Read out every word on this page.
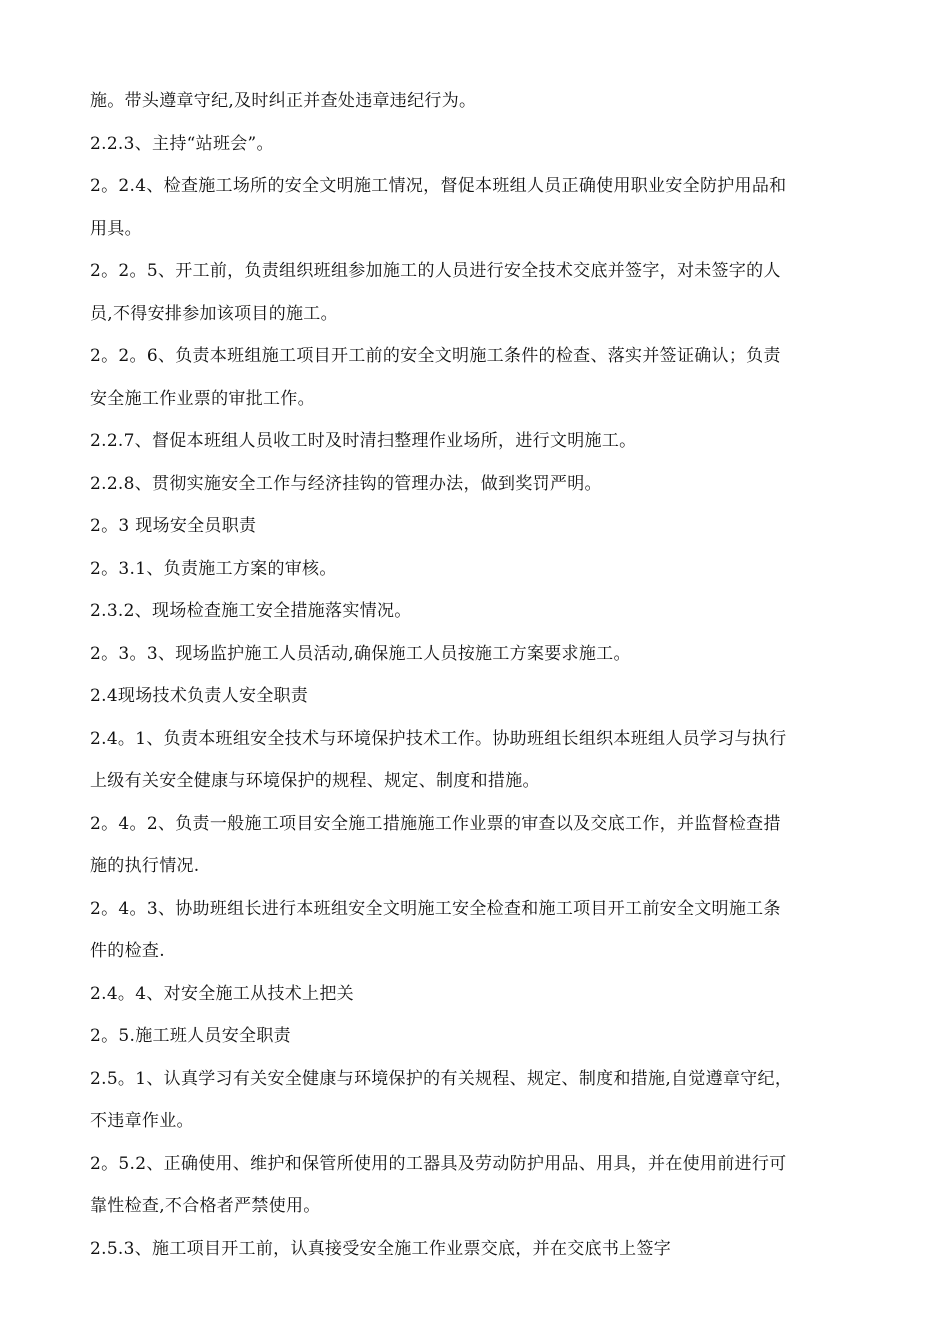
施。带头遵章守纪,及时纠正并查处违章违纪行为。
2.2.3、主持“站班会”。
2。2.4、检查施工场所的安全文明施工情况，督促本班组人员正确使用职业安全防护用品和
用具。
2。2。5、开工前，负责组织班组参加施工的人员进行安全技术交底并签字，对未签字的人
员,不得安排参加该项目的施工。
2。2。6、负责本班组施工项目开工前的安全文明施工条件的检查、落实并签证确认；负责
安全施工作业票的审批工作。
2.2.7、督促本班组人员收工时及时清扫整理作业场所，进行文明施工。
2.2.8、贯彻实施安全工作与经济挂钩的管理办法，做到奖罚严明。
2。3 现场安全员职责
2。3.1、负责施工方案的审核。
2.3.2、现场检查施工安全措施落实情况。
2。3。3、现场监护施工人员活动,确保施工人员按施工方案要求施工。
2.4现场技术负责人安全职责
2.4。1、负责本班组安全技术与环境保护技术工作。协助班组长组织本班组人员学习与执行
上级有关安全健康与环境保护的规程、规定、制度和措施。
2。4。2、负责一般施工项目安全施工措施施工作业票的审查以及交底工作，并监督检查措
施的执行情况.
2。4。3、协助班组长进行本班组安全文明施工安全检查和施工项目开工前安全文明施工条
件的检查.
2.4。4、对安全施工从技术上把关
2。5.施工班人员安全职责
2.5。1、认真学习有关安全健康与环境保护的有关规程、规定、制度和措施,自觉遵章守纪，
不违章作业。
2。5.2、正确使用、维护和保管所使用的工器具及劳动防护用品、用具，并在使用前进行可
靠性检查,不合格者严禁使用。
2.5.3、施工项目开工前，认真接受安全施工作业票交底，并在交底书上签字
